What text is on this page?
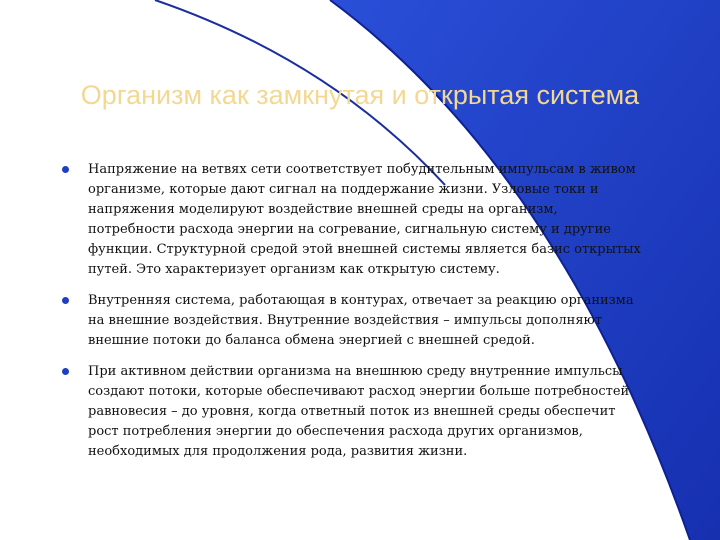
Организм как замкнутая и открытая система
Напряжение на ветвях сети соответствует побудительным импульсам в живом организме, которые дают сигнал на поддержание жизни. Узловые токи и напряжения моделируют воздействие внешней среды на организм, потребности расхода энергии на согревание, сигнальную систему и другие функции. Структурной средой этой внешней системы является базис открытых путей. Это характеризует организм как открытую систему.
Внутренняя система, работающая в контурах, отвечает за реакцию организма на внешние воздействия. Внутренние воздействия – импульсы дополняют внешние потоки до баланса обмена энергией с внешней средой.
При активном действии организма на внешнюю среду внутренние импульсы создают потоки, которые обеспечивают расход энергии больше потребностей равновесия – до уровня, когда ответный поток из внешней среды обеспечит рост потребления энергии до обеспечения расхода других организмов, необходимых для продолжения рода, развития жизни.
